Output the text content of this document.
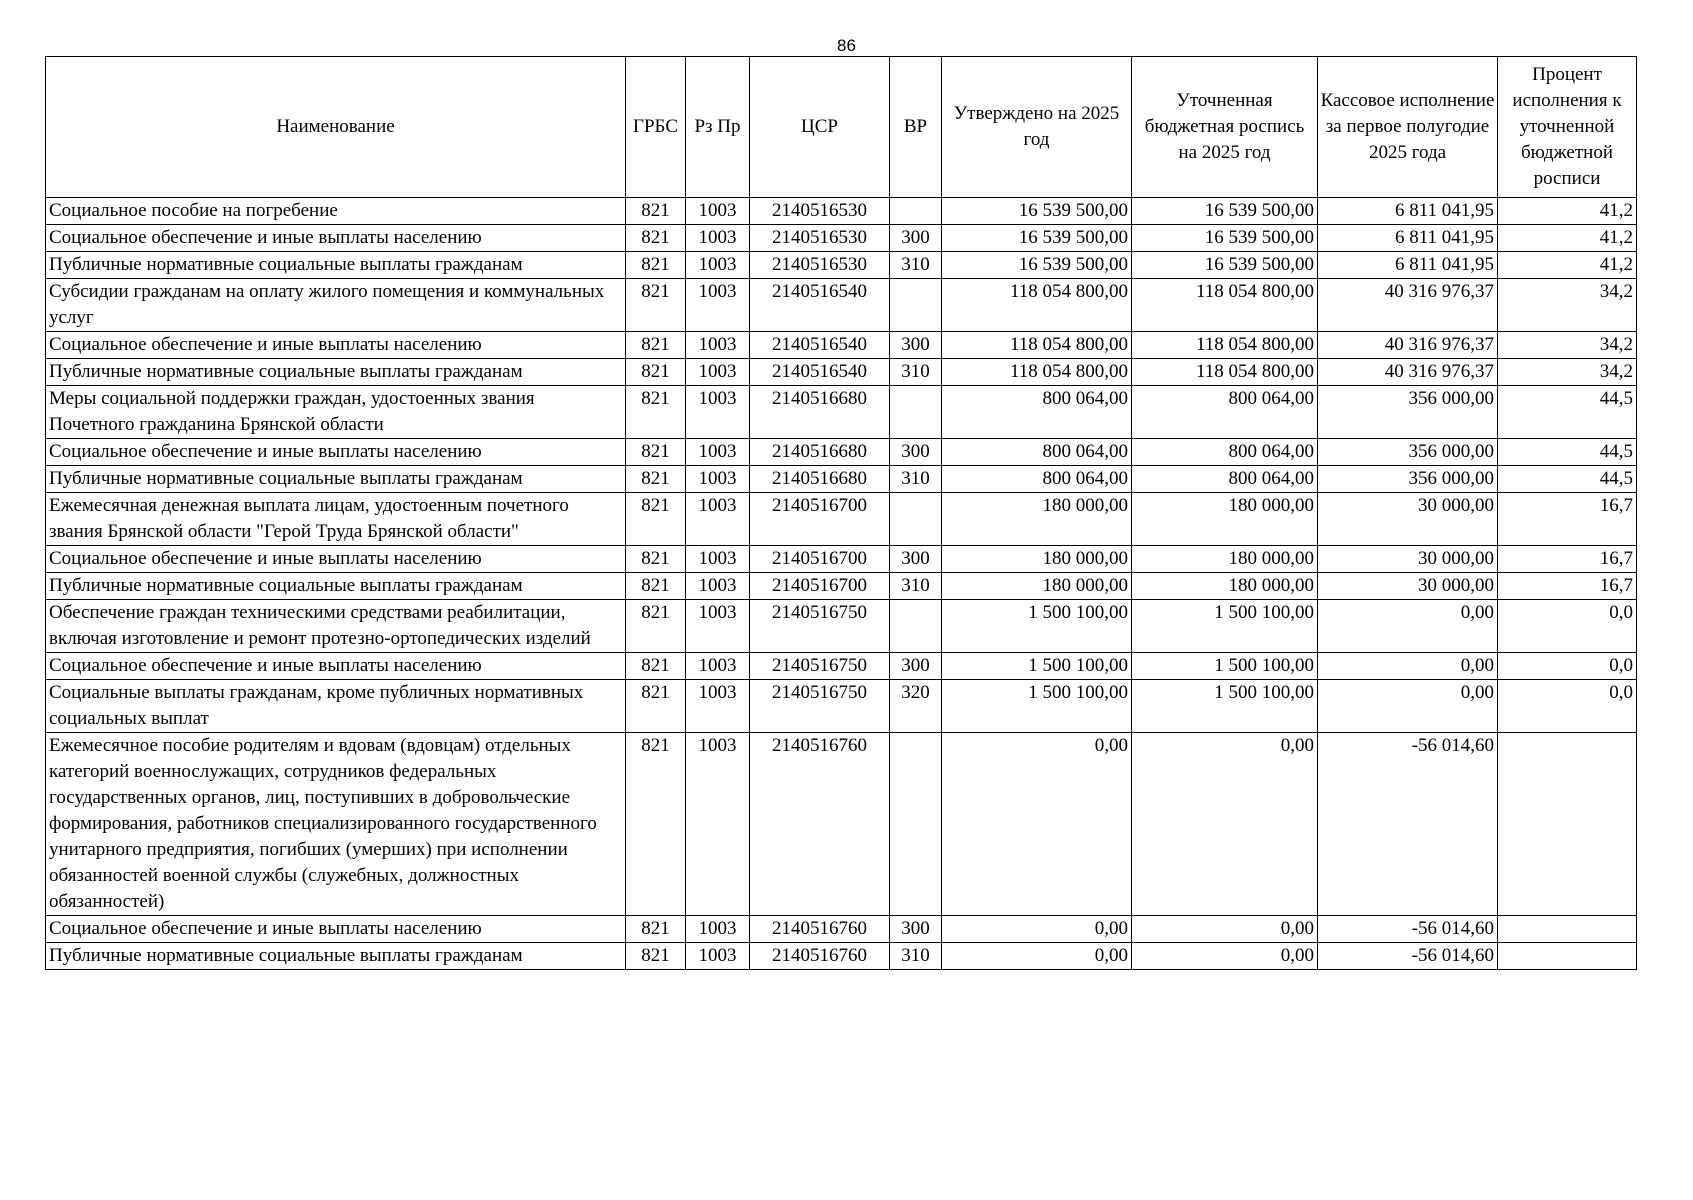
86
Наименование	ГРБС	Рз Пр	ЦСР	ВР	Утверждено на 2025 год	Уточненная бюджетная роспись на 2025 год	Кассовое исполнение за первое полугодие 2025 года	Процент исполнения к уточненной бюджетной росписи
Социальное пособие на погребение	821	1003	2140516530		16 539 500,00	16 539 500,00	6 811 041,95	41,2
Социальное обеспечение и иные выплаты населению	821	1003	2140516530	300	16 539 500,00	16 539 500,00	6 811 041,95	41,2
Публичные нормативные социальные выплаты гражданам	821	1003	2140516530	310	16 539 500,00	16 539 500,00	6 811 041,95	41,2
Субсидии гражданам на оплату жилого помещения и коммунальных услуг	821	1003	2140516540		118 054 800,00	118 054 800,00	40 316 976,37	34,2
Социальное обеспечение и иные выплаты населению	821	1003	2140516540	300	118 054 800,00	118 054 800,00	40 316 976,37	34,2
Публичные нормативные социальные выплаты гражданам	821	1003	2140516540	310	118 054 800,00	118 054 800,00	40 316 976,37	34,2
Меры социальной поддержки граждан, удостоенных звания Почетного гражданина Брянской области	821	1003	2140516680		800 064,00	800 064,00	356 000,00	44,5
Социальное обеспечение и иные выплаты населению	821	1003	2140516680	300	800 064,00	800 064,00	356 000,00	44,5
Публичные нормативные социальные выплаты гражданам	821	1003	2140516680	310	800 064,00	800 064,00	356 000,00	44,5
Ежемесячная денежная выплата лицам, удостоенным почетного звания Брянской области "Герой Труда Брянской области"	821	1003	2140516700		180 000,00	180 000,00	30 000,00	16,7
Социальное обеспечение и иные выплаты населению	821	1003	2140516700	300	180 000,00	180 000,00	30 000,00	16,7
Публичные нормативные социальные выплаты гражданам	821	1003	2140516700	310	180 000,00	180 000,00	30 000,00	16,7
Обеспечение граждан техническими средствами реабилитации, включая изготовление и ремонт протезно-ортопедических изделий	821	1003	2140516750		1 500 100,00	1 500 100,00	0,00	0,0
Социальное обеспечение и иные выплаты населению	821	1003	2140516750	300	1 500 100,00	1 500 100,00	0,00	0,0
Социальные выплаты гражданам, кроме публичных нормативных социальных выплат	821	1003	2140516750	320	1 500 100,00	1 500 100,00	0,00	0,0
Ежемесячное пособие родителям и вдовам (вдовцам) отдельных категорий военнослужащих, сотрудников федеральных государственных органов, лиц, поступивших в добровольческие формирования, работников специализированного государственного унитарного предприятия, погибших (умерших) при исполнении обязанностей военной службы (служебных, должностных обязанностей)	821	1003	2140516760		0,00	0,00	-56 014,60	
Социальное обеспечение и иные выплаты населению	821	1003	2140516760	300	0,00	0,00	-56 014,60	
Публичные нормативные социальные выплаты гражданам	821	1003	2140516760	310	0,00	0,00	-56 014,60	
